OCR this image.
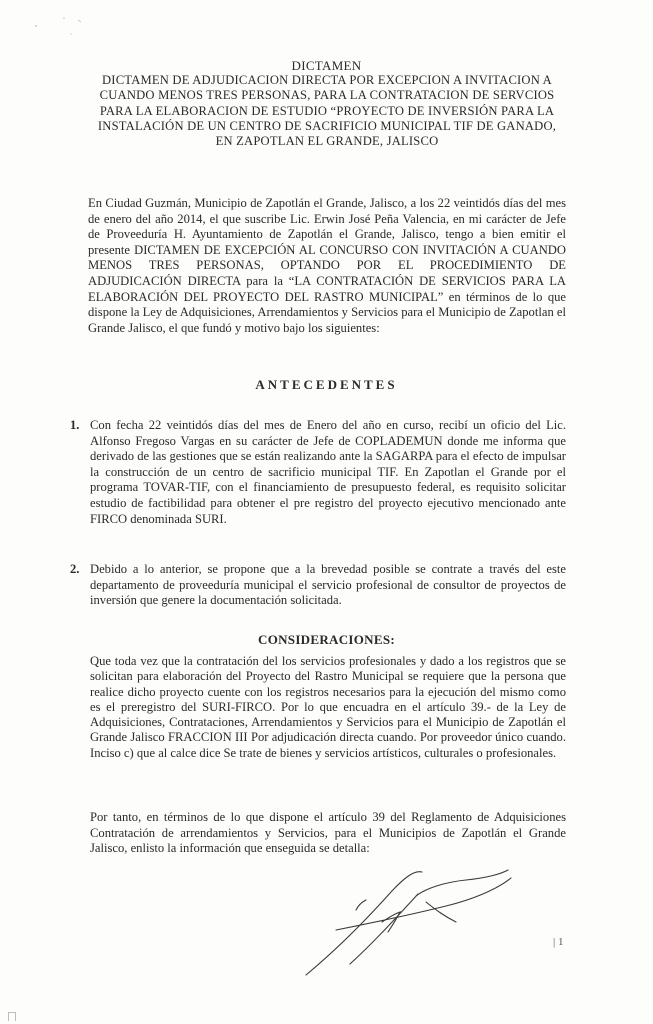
DICTAMEN
DICTAMEN DE ADJUDICACION DIRECTA POR EXCEPCION A INVITACION A CUANDO MENOS TRES PERSONAS, PARA LA CONTRATACION DE SERVCIOS PARA LA ELABORACION DE ESTUDIO “PROYECTO DE INVERSIÓN PARA LA INSTALACIÓN DE UN CENTRO DE SACRIFICIO MUNICIPAL TIF DE GANADO, EN ZAPOTLAN EL GRANDE, JALISCO
En Ciudad Guzmán, Municipio de Zapotlán el Grande, Jalisco, a los 22 veintidós días del mes de enero del año 2014, el que suscribe Lic. Erwin José Peña Valencia, en mi carácter de Jefe de Proveeduría H. Ayuntamiento de Zapotlán el Grande, Jalisco, tengo a bien emitir el presente DICTAMEN DE EXCEPCIÓN AL CONCURSO CON INVITACIÓN A CUANDO MENOS TRES PERSONAS, OPTANDO POR EL PROCEDIMIENTO DE ADJUDICACIÓN DIRECTA para la “LA CONTRATACIÓN DE SERVICIOS PARA LA ELABORACIÓN DEL PROYECTO DEL RASTRO MUNICIPAL” en términos de lo que dispone la Ley de Adquisiciones, Arrendamientos y Servicios para el Municipio de Zapotlan el Grande Jalisco, el que fundó y motivo bajo los siguientes:
ANTECEDENTES
1. Con fecha 22 veintidós días del mes de Enero del año en curso, recibí un oficio del Lic. Alfonso Fregoso Vargas en su carácter de Jefe de COPLADEMUN donde me informa que derivado de las gestiones que se están realizando ante la SAGARPA para el efecto de impulsar la construcción de un centro de sacrificio municipal TIF. En Zapotlan el Grande por el programa TOVAR-TIF, con el financiamiento de presupuesto federal, es requisito solicitar estudio de factibilidad para obtener el pre registro del proyecto ejecutivo mencionado ante FIRCO denominada SURI.
2. Debido a lo anterior, se propone que a la brevedad posible se contrate a través del este departamento de proveeduría municipal el servicio profesional de consultor de proyectos de inversión que genere la documentación solicitada.
CONSIDERACIONES:
Que toda vez que la contratación del los servicios profesionales y dado a los registros que se solicitan para elaboración del Proyecto del Rastro Municipal se requiere que la persona que realice dicho proyecto cuente con los registros necesarios para la ejecución del mismo como es el preregistro del SURI-FIRCO. Por lo que encuadra en el artículo 39.- de la Ley de Adquisiciones, Contrataciones, Arrendamientos y Servicios para el Municipio de Zapotlán el Grande Jalisco FRACCION III Por adjudicación directa cuando. Por proveedor único cuando. Inciso c) que al calce dice Se trate de bienes y servicios artísticos, culturales o profesionales.
Por tanto, en términos de lo que dispone el artículo 39 del Reglamento de Adquisiciones Contratación de arrendamientos y Servicios, para el Municipios de Zapotlán el Grande Jalisco, enlisto la información que enseguida se detalla:
| 1
